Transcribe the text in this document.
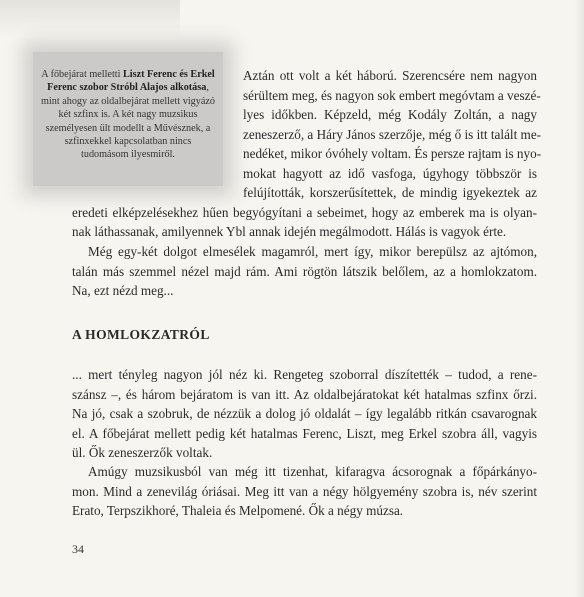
A főbejárat melletti Liszt Ferenc és Erkel Ferenc szobor Stróbl Alajos alkotása, mint ahogy az oldalbejárat mellett vigyázó két szfinx is. A két nagy muzsikus személyesen ült modellt a Művésznek, a szfinxekkel kapcsolatban nincs tudomásom ilyesmiről.
Aztán ott volt a két háború. Szerencsére nem nagyon
sérültem meg, és nagyon sok embert megóvtam a veszé-
lyes időkben. Képzeld, még Kodály Zoltán, a nagy
zeneszerző, a Háry János szerzője, még ő is itt talált me-
nedéket, mikor óvóhely voltam. És persze rajtam is nyo-
mokat hagyott az idő vasfoga, úgyhogy többször is
felújították, korszerűsítettek, de mindig igyekeztek az
eredeti elképzelésekhez hűen begyógyítani a sebeimet, hogy az emberek ma is olyan-
nak láthassanak, amilyennek Ybl annak idején megálmodott. Hálás is vagyok érte.
Még egy-két dolgot elmesélek magamról, mert így, mikor berepülsz az ajtómon,
talán más szemmel nézel majd rám. Ami rögtön látszik belőlem, az a homlokzatom.
Na, ezt nézd meg...
A HOMLOKZATRÓL
... mert tényleg nagyon jól néz ki. Rengeteg szoborral díszítették – tudod, a rene-
szánsz –, és három bejáratom is van itt. Az oldalbejáratokat két hatalmas szfinx őrzi.
Na jó, csak a szobruk, de nézzük a dolog jó oldalát – így legalább ritkán csavarognak
el. A főbejárat mellett pedig két hatalmas Ferenc, Liszt, meg Erkel szobra áll, vagyis
ül. Ők zeneszerzők voltak.
Amúgy muzsikusból van még itt tizenhat, kifaragva ácsorognak a főpárkányo-
mon. Mind a zenevilág óriásai. Meg itt van a négy hölgyemény szobra is, név szerint
Erato, Terpszikhoré, Thaleia és Melpomené. Ők a négy múzsa.
34
